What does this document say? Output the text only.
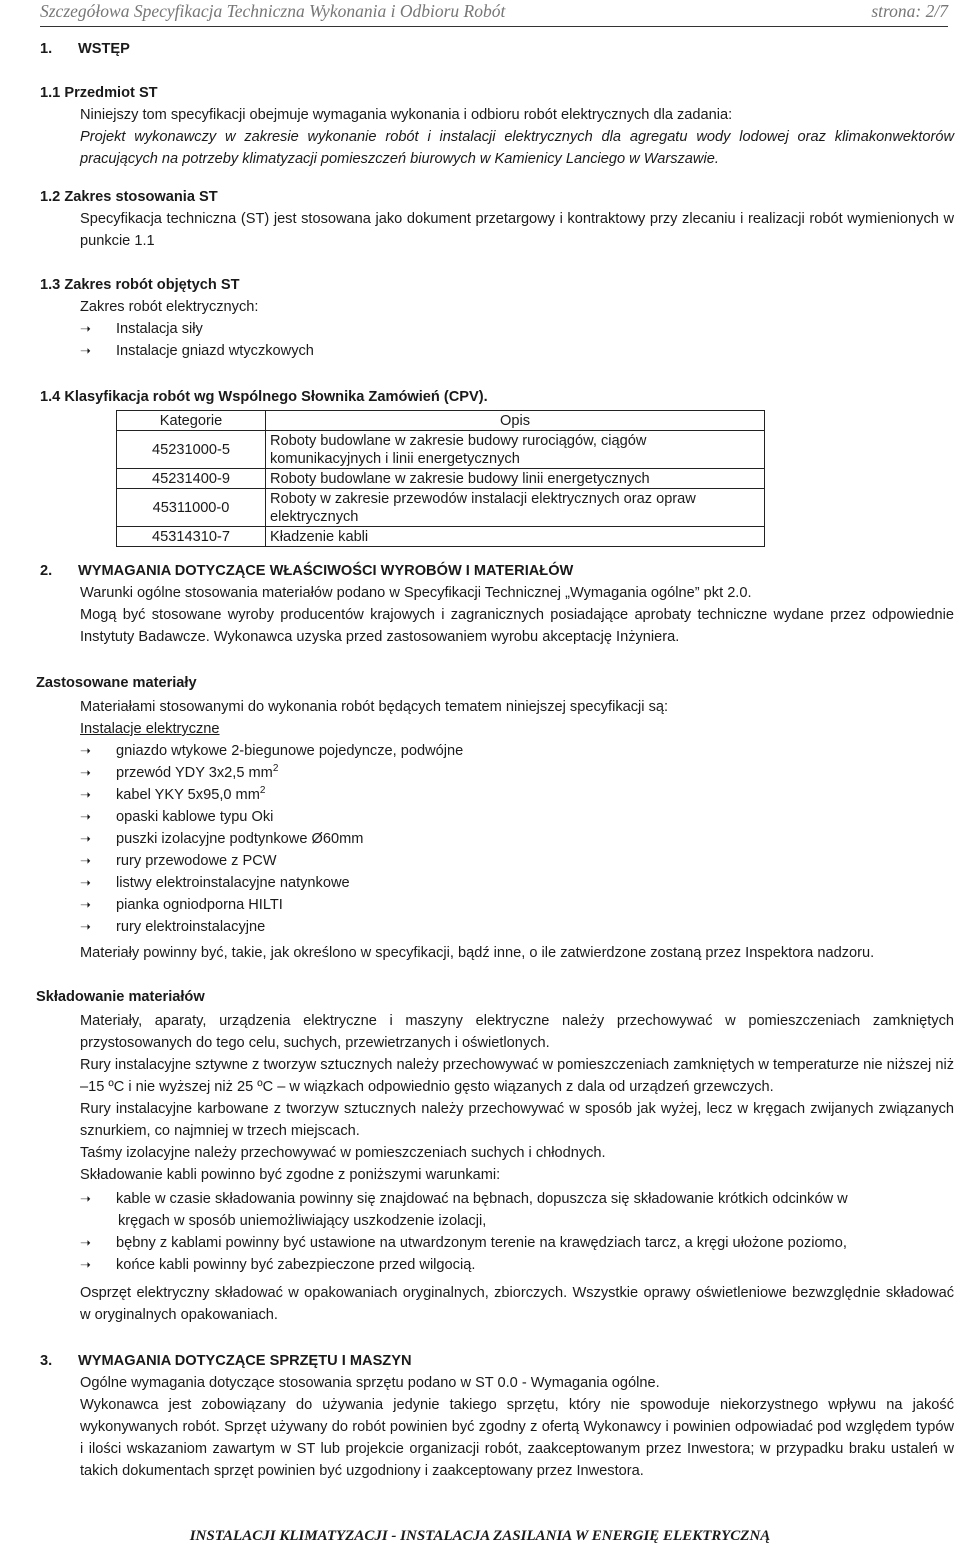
Szczegółowa Specyfikacja Techniczna Wykonania i Odbioru Robót	strona: 2/7
1. WSTĘP
1.1 Przedmiot ST
Niniejszy tom specyfikacji obejmuje wymagania wykonania i odbioru robót elektrycznych dla zadania:
Projekt wykonawczy w zakresie wykonanie robót i instalacji elektrycznych dla agregatu wody lodowej oraz klimakonwektorów pracujących na potrzeby klimatyzacji pomieszczeń biurowych w Kamienicy Lanciego w Warszawie.
1.2 Zakres stosowania ST
Specyfikacja techniczna (ST) jest stosowana jako dokument przetargowy i kontraktowy przy zlecaniu i realizacji robót wymienionych w punkcie 1.1
1.3 Zakres robót objętych ST
Zakres robót elektrycznych:
➝ Instalacja siły
➝ Instalacje gniazd wtyczkowych
1.4 Klasyfikacja robót wg Wspólnego Słownika Zamówień (CPV).
Kategorie	Opis
45231000-5	Roboty budowlane w zakresie budowy rurociągów, ciągów komunikacyjnych i linii energetycznych
45231400-9	Roboty budowlane w zakresie budowy linii energetycznych
45311000-0	Roboty w zakresie przewodów instalacji elektrycznych oraz opraw elektrycznych
45314310-7	Kładzenie kabli
2. WYMAGANIA DOTYCZĄCE WŁAŚCIWOŚCI WYROBÓW I MATERIAŁÓW
Warunki ogólne stosowania materiałów podano w Specyfikacji Technicznej „Wymagania ogólne” pkt 2.0.
Mogą być stosowane wyroby producentów krajowych i zagranicznych posiadające aprobaty techniczne wydane przez odpowiednie Instytuty Badawcze. Wykonawca uzyska przed zastosowaniem wyrobu akceptację Inżyniera.
Zastosowane materiały
Materiałami stosowanymi do wykonania robót będących tematem niniejszej specyfikacji są:
Instalacje elektryczne
➝ gniazdo wtykowe 2-biegunowe pojedyncze, podwójne
➝ przewód YDY 3x2,5 $mm^2$
➝ kabel YKY 5x95,0 $mm^2$
➝ opaski kablowe typu Oki
➝ puszki izolacyjne podtynkowe Ø60mm
➝ rury przewodowe z PCW
➝ listwy elektroinstalacyjne natynkowe
➝ pianka ogniodporna HILTI
➝ rury elektroinstalacyjne
Materiały powinny być, takie, jak określono w specyfikacji, bądź inne, o ile zatwierdzone zostaną przez Inspektora nadzoru.
Składowanie materiałów
Materiały, aparaty, urządzenia elektryczne i maszyny elektryczne należy przechowywać w pomieszczeniach zamkniętych przystosowanych do tego celu, suchych, przewietrzanych i oświetlonych.
Rury instalacyjne sztywne z tworzyw sztucznych należy przechowywać w pomieszczeniach zamkniętych w temperaturze nie niższej niż –15 ºC i nie wyższej niż 25 ºC – w wiązkach odpowiednio gęsto wiązanych z dala od urządzeń grzewczych.
Rury instalacyjne karbowane z tworzyw sztucznych należy przechowywać w sposób jak wyżej, lecz w kręgach zwijanych związanych sznurkiem, co najmniej w trzech miejscach.
Taśmy izolacyjne należy przechowywać w pomieszczeniach suchych i chłodnych.
Składowanie kabli powinno być zgodne z poniższymi warunkami:
➝ kable w czasie składowania powinny się znajdować na bębnach, dopuszcza się składowanie krótkich odcinków w
kręgach w sposób uniemożliwiający uszkodzenie izolacji,
➝ bębny z kablami powinny być ustawione na utwardzonym terenie na krawędziach tarcz, a kręgi ułożone poziomo,
➝ końce kabli powinny być zabezpieczone przed wilgocią.
Osprzęt elektryczny składować w opakowaniach oryginalnych, zbiorczych. Wszystkie oprawy oświetleniowe bezwzględnie składować w oryginalnych opakowaniach.
3. WYMAGANIA DOTYCZĄCE SPRZĘTU I MASZYN
Ogólne wymagania dotyczące stosowania sprzętu podano w ST 0.0 - Wymagania ogólne.
Wykonawca jest zobowiązany do używania jedynie takiego sprzętu, który nie spowoduje niekorzystnego wpływu na jakość wykonywanych robót. Sprzęt używany do robót powinien być zgodny z ofertą Wykonawcy i powinien odpowiadać pod względem typów i ilości wskazaniom zawartym w ST lub projekcie organizacji robót, zaakceptowanym przez Inwestora; w przypadku braku ustaleń w takich dokumentach sprzęt powinien być uzgodniony i zaakceptowany przez Inwestora.
INSTALACJI KLIMATYZACJI - INSTALACJA ZASILANIA W ENERGIĘ ELEKTRYCZNĄ
